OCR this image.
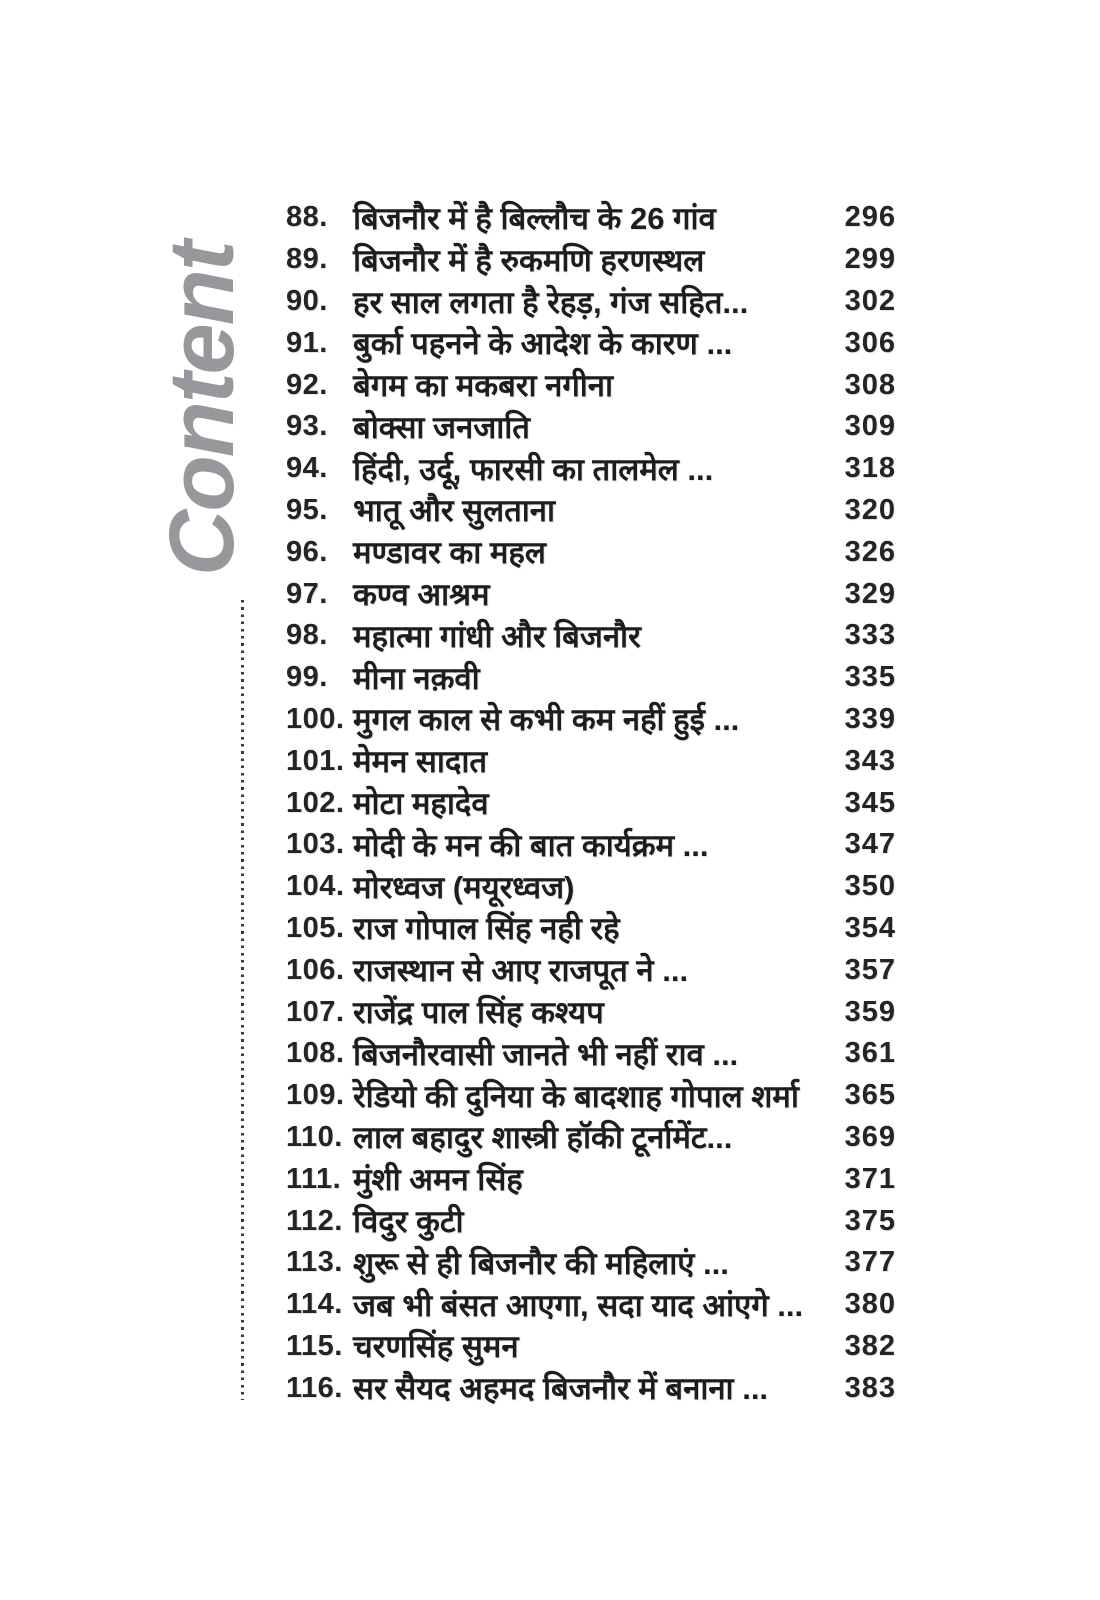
Content
88. बिजनौर में है बिल्लौच के 26 गांव	296
89. बिजनौर में है रुकमणि हरणस्थल	299
90. हर साल लगता है रेहड़, गंज सहित...	302
91. बुर्का पहनने के आदेश के कारण ...	306
92. बेगम का मकबरा नगीना	308
93. बोक्सा जनजाति	309
94. हिंदी, उर्दू, फारसी का तालमेल ...	318
95. भातू और सुलताना	320
96. मण्डावर का महल	326
97. कण्व आश्रम	329
98. महात्मा गांधी और बिजनौर	333
99. मीना नक़वी	335
100. मुगल काल से कभी कम नहीं हुई ...	339
101. मेमन सादात	343
102. मोटा महादेव	345
103. मोदी के मन की बात कार्यक्रम ...	347
104. मोरध्वज (मयूरध्वज)	350
105. राज गोपाल सिंह नही रहे	354
106. राजस्थान से आए राजपूत ने ...	357
107. राजेंद्र पाल सिंह कश्यप	359
108. बिजनौरवासी जानते भी नहीं राव ...	361
109. रेडियो की दुनिया के बादशाह गोपाल शर्मा	365
110. लाल बहादुर शास्त्री हॉकी टूर्नामेंट...	369
111. मुंशी अमन सिंह	371
112. विदुर कुटी	375
113. शुरू से ही बिजनौर की महिलाएं ...	377
114. जब भी बंसत आएगा, सदा याद आंएगे ...	380
115. चरणसिंह सुमन	382
116. सर सैयद अहमद बिजनौर में बनाना ...	383
